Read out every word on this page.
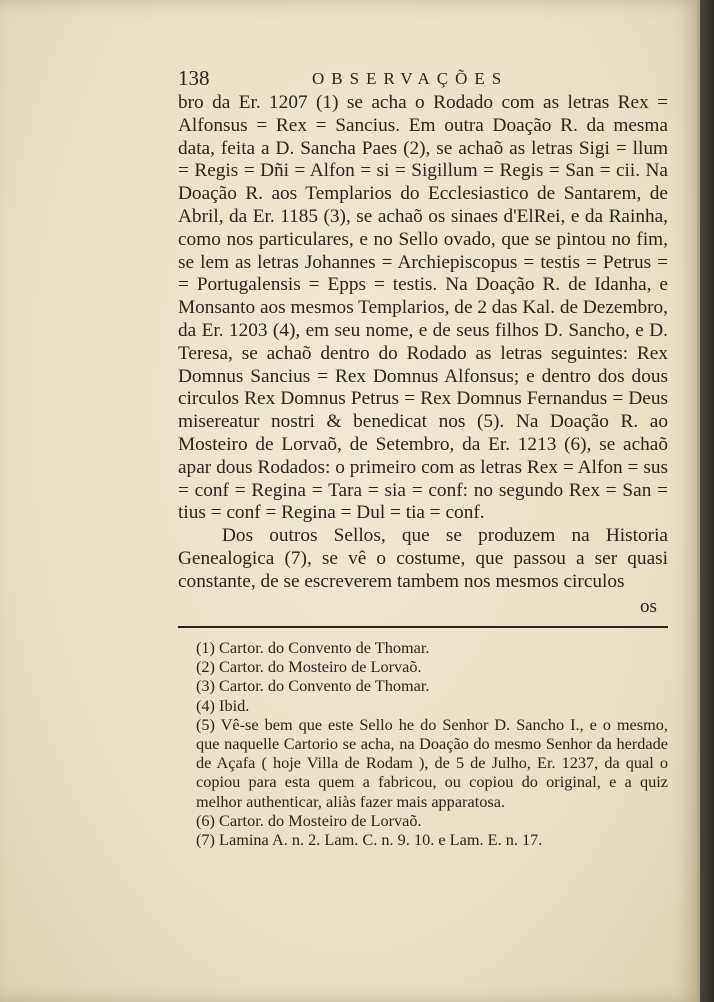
138	OBSERVAÇÕES

bro da Er. 1207 (1) se acha o Rodado com as letras Rex = Alfonsus = Rex = Sancius. Em outra Doação R. da mesma data, feita a D. Sancha Paes (2), se achaõ as letras Sigi = llum = Regis = Dñi = Alfon = si = Sigillum = Regis = San = cii. Na Doação R. aos Templarios do Ecclesiastico de Santarem, de Abril, da Er. 1185 (3), se achaõ os sinaes d'ElRei, e da Rainha, como nos particulares, e no Sello ovado, que se pintou no fim, se lem as letras Johannes = Archiepiscopus = testis = Petrus = = Portugalensis = Epps = testis. Na Doação R. de Idanha, e Monsanto aos mesmos Templarios, de 2 das Kal. de Dezembro, da Er. 1203 (4), em seu nome, e de seus filhos D. Sancho, e D. Teresa, se achaõ dentro do Rodado as letras seguintes: Rex Domnus Sancius = Rex Domnus Alfonsus; e dentro dos dous circulos Rex Domnus Petrus = Rex Domnus Fernandus = Deus misereatur nostri & benedicat nos (5). Na Doação R. ao Mosteiro de Lorvaõ, de Setembro, da Er. 1213 (6), se achaõ apar dous Rodados: o primeiro com as letras Rex = Alfon = sus = conf = Regina = Tara = sia = conf: no segundo Rex = San = tius = conf = Regina = Dul = tia = conf.

Dos outros Sellos, que se produzem na Historia Genealogica (7), se vê o costume, que passou a ser quasi constante, de se escreverem tambem nos mesmos circulos

os

(1) Cartor. do Convento de Thomar.

(2) Cartor. do Mosteiro de Lorvaõ.

(3) Cartor. do Convento de Thomar.

(4) Ibid.

(5) Vê-se bem que este Sello he do Senhor D. Sancho I., e o mesmo, que naquelle Cartorio se acha, na Doação do mesmo Senhor da herdade de Açafa ( hoje Villa de Rodam ), de 5 de Julho, Er. 1237, da qual o copiou para esta quem a fabricou, ou copiou do original, e a quiz melhor authenticar, aliàs fazer mais apparatosa.

(6) Cartor. do Mosteiro de Lorvaõ.

(7) Lamina A. n. 2. Lam. C. n. 9. 10. e Lam. E. n. 17.
